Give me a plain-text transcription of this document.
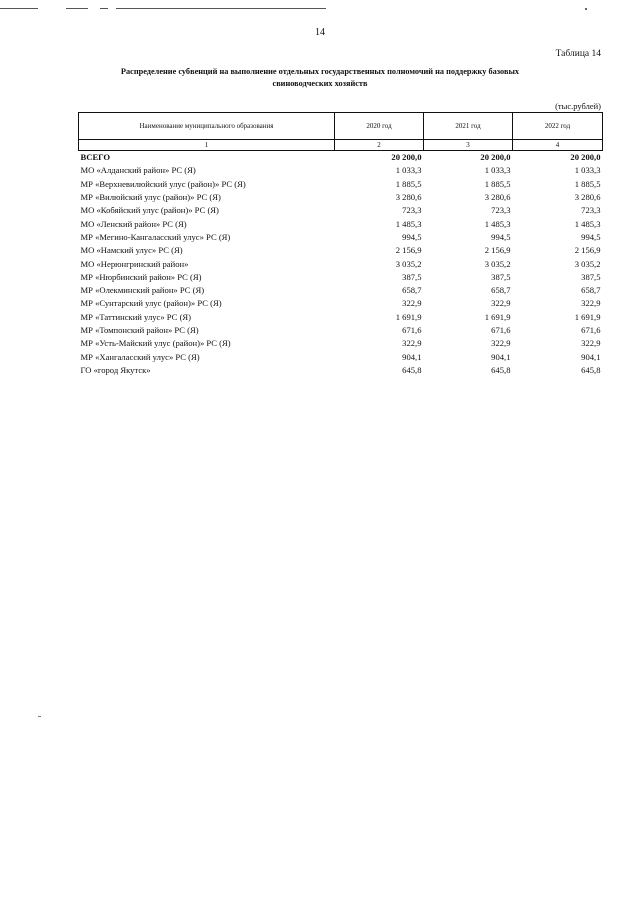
14
Таблица 14
Распределение субвенций на выполнение отдельных государственных полномочий на поддержку базовых свиноводческих хозяйств
(тыс.рублей)
Наименование муниципального образования	2020 год	2021 год	2022 год
1	2	3	4
ВСЕГО	20 200,0	20 200,0	20 200,0
МО «Алданский район» РС (Я)	1 033,3	1 033,3	1 033,3
МР «Верхневилюйский улус (район)» РС (Я)	1 885,5	1 885,5	1 885,5
МР «Вилюйский улус (район)» РС (Я)	3 280,6	3 280,6	3 280,6
МО «Кобяйский улус (район)» РС (Я)	723,3	723,3	723,3
МО «Ленский район» РС (Я)	1 485,3	1 485,3	1 485,3
МР «Мегино-Кангаласский улус» РС (Я)	994,5	994,5	994,5
МО «Намский улус» РС (Я)	2 156,9	2 156,9	2 156,9
МО «Нерюнгринский район»	3 035,2	3 035,2	3 035,2
МР «Нюрбинский район» РС (Я)	387,5	387,5	387,5
МР «Олекминский район» РС (Я)	658,7	658,7	658,7
МР «Сунтарский улус (район)» РС (Я)	322,9	322,9	322,9
МР «Таттинский улус» РС (Я)	1 691,9	1 691,9	1 691,9
МР «Томпонский район» РС (Я)	671,6	671,6	671,6
МР «Усть-Майский улус (район)» РС (Я)	322,9	322,9	322,9
МР «Хангаласский улус» РС (Я)	904,1	904,1	904,1
ГО «город Якутск»	645,8	645,8	645,8
